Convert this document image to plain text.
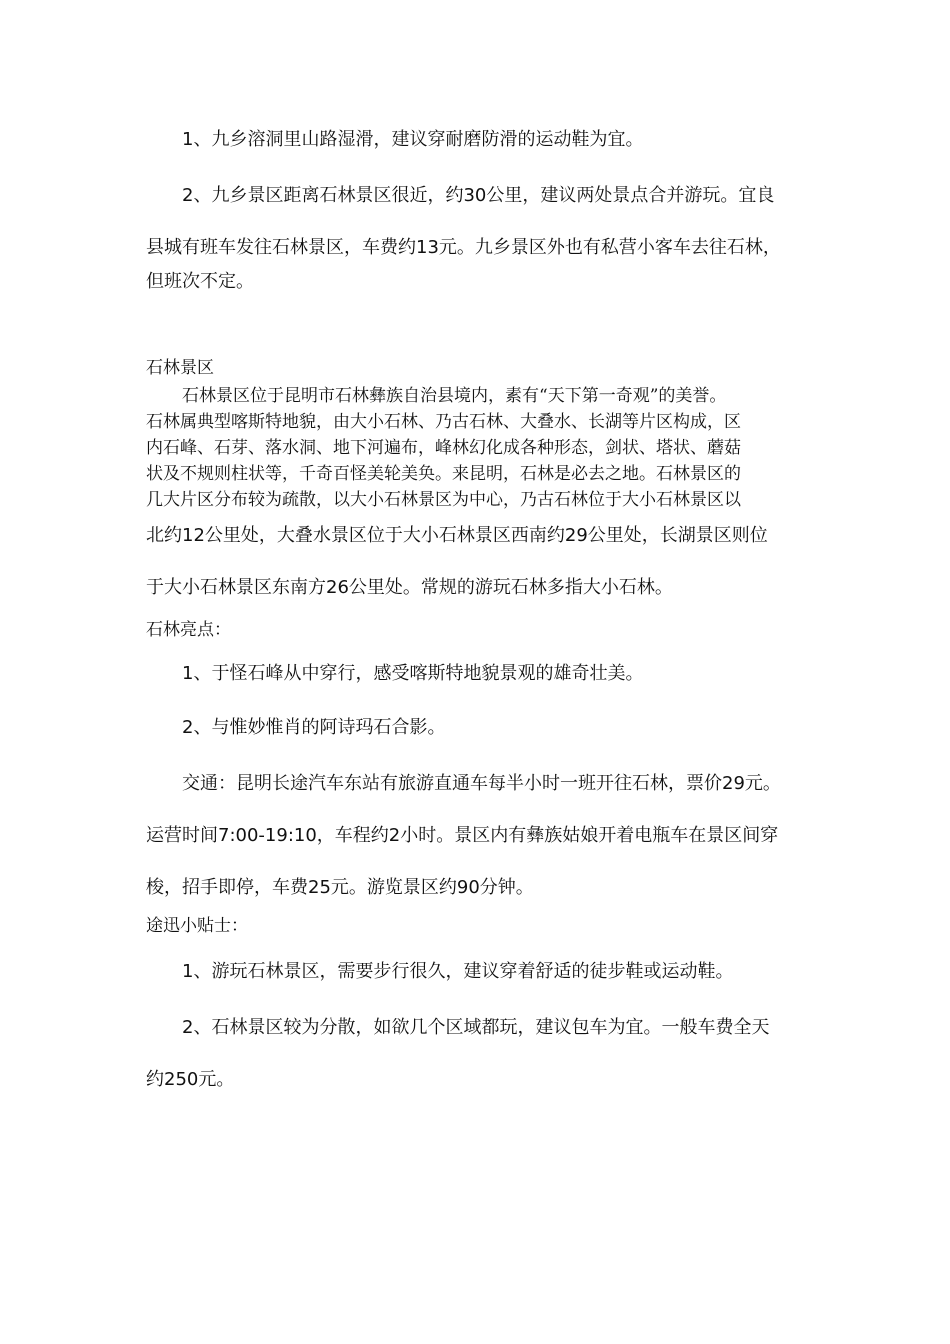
1、九乡溶洞里山路湿滑，建议穿耐磨防滑的运动鞋为宜。
2、九乡景区距离石林景区很近，约30公里，建议两处景点合并游玩。宜良
县城有班车发往石林景区，车费约13元。九乡景区外也有私营小客车去往石林，
但班次不定。
石林景区
石林景区位于昆明市石林彝族自治县境内，素有“天下第一奇观”的美誉。
石林属典型喀斯特地貌，由大小石林、乃古石林、大叠水、长湖等片区构成，区
内石峰、石芽、落水洞、地下河遍布，峰林幻化成各种形态，剑状、塔状、蘑菇
状及不规则柱状等，千奇百怪美轮美奂。来昆明，石林是必去之地。石林景区的
几大片区分布较为疏散，以大小石林景区为中心，乃古石林位于大小石林景区以
北约12公里处，大叠水景区位于大小石林景区西南约29公里处，长湖景区则位
于大小石林景区东南方26公里处。常规的游玩石林多指大小石林。
石林亮点：
1、于怪石峰从中穿行，感受喀斯特地貌景观的雄奇壮美。
2、与惟妙惟肖的阿诗玛石合影。
交通：昆明长途汽车东站有旅游直通车每半小时一班开往石林，票价29元。
运营时间7:00-19:10，车程约2小时。景区内有彝族姑娘开着电瓶车在景区间穿
梭，招手即停，车费25元。游览景区约90分钟。
途迅小贴士：
1、游玩石林景区，需要步行很久，建议穿着舒适的徒步鞋或运动鞋。
2、石林景区较为分散，如欲几个区域都玩，建议包车为宜。一般车费全天
约250元。
